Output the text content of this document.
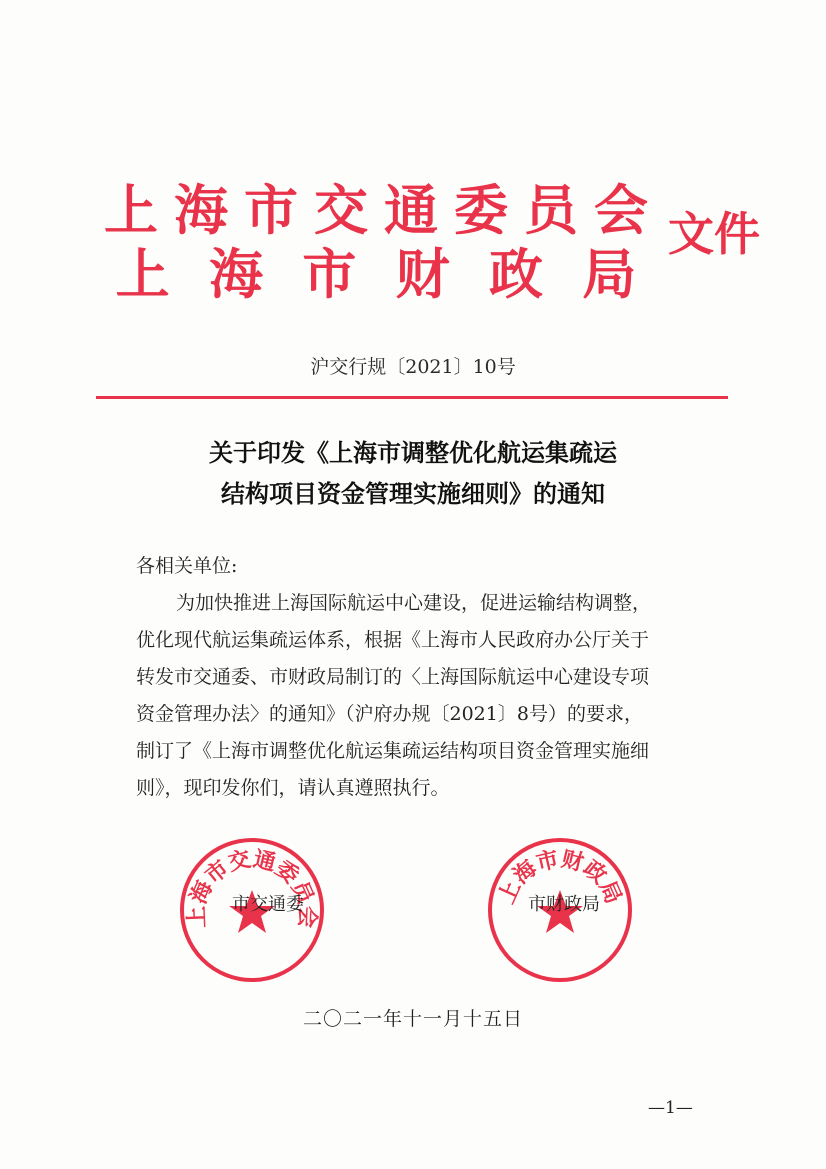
上 海 市 交 通 委 员 会
上 海 市 财 政 局
文件
沪交行规〔2021〕10号
关于印发《上海市调整优化航运集疏运
结构项目资金管理实施细则》的通知
各相关单位:
为加快推进上海国际航运中心建设，促进运输结构调整，
优化现代航运集疏运体系，根据《上海市人民政府办公厅关于
转发市交通委、市财政局制订的〈上海国际航运中心建设专项
资金管理办法〉的通知》（沪府办规〔2021〕8号）的要求，
制订了《上海市调整优化航运集疏运结构项目资金管理实施细
则》，现印发你们，请认真遵照执行。
上海市交通委员会
市交通委	上海市财政局
市财政局
二〇二一年十一月十五日
—1—
